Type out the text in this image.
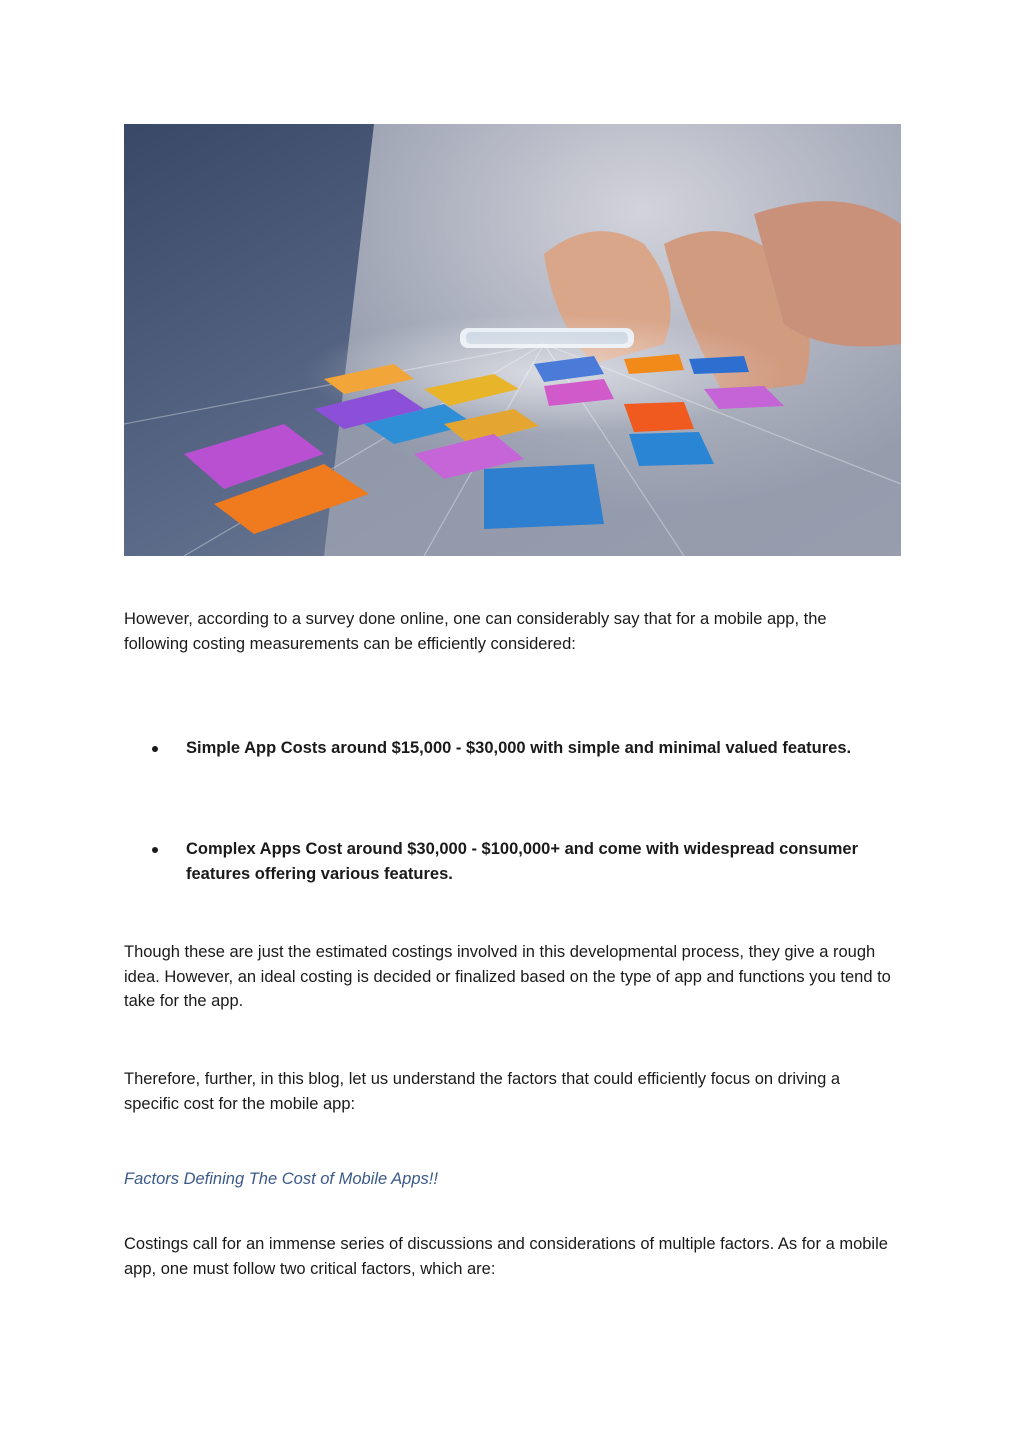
However, according to a survey done online, one can considerably say that for a mobile app, the following costing measurements can be efficiently considered:

Simple App Costs around $15,000 - $30,000 with simple and minimal valued features.
Complex Apps Cost around $30,000 - $100,000+ and come with widespread consumer features offering various features.

Though these are just the estimated costings involved in this developmental process, they give a rough idea. However, an ideal costing is decided or finalized based on the type of app and functions you tend to take for the app.

Therefore, further, in this blog, let us understand the factors that could efficiently focus on driving a specific cost for the mobile app:

Factors Defining The Cost of Mobile Apps!!

Costings call for an immense series of discussions and considerations of multiple factors. As for a mobile app, one must follow two critical factors, which are:
